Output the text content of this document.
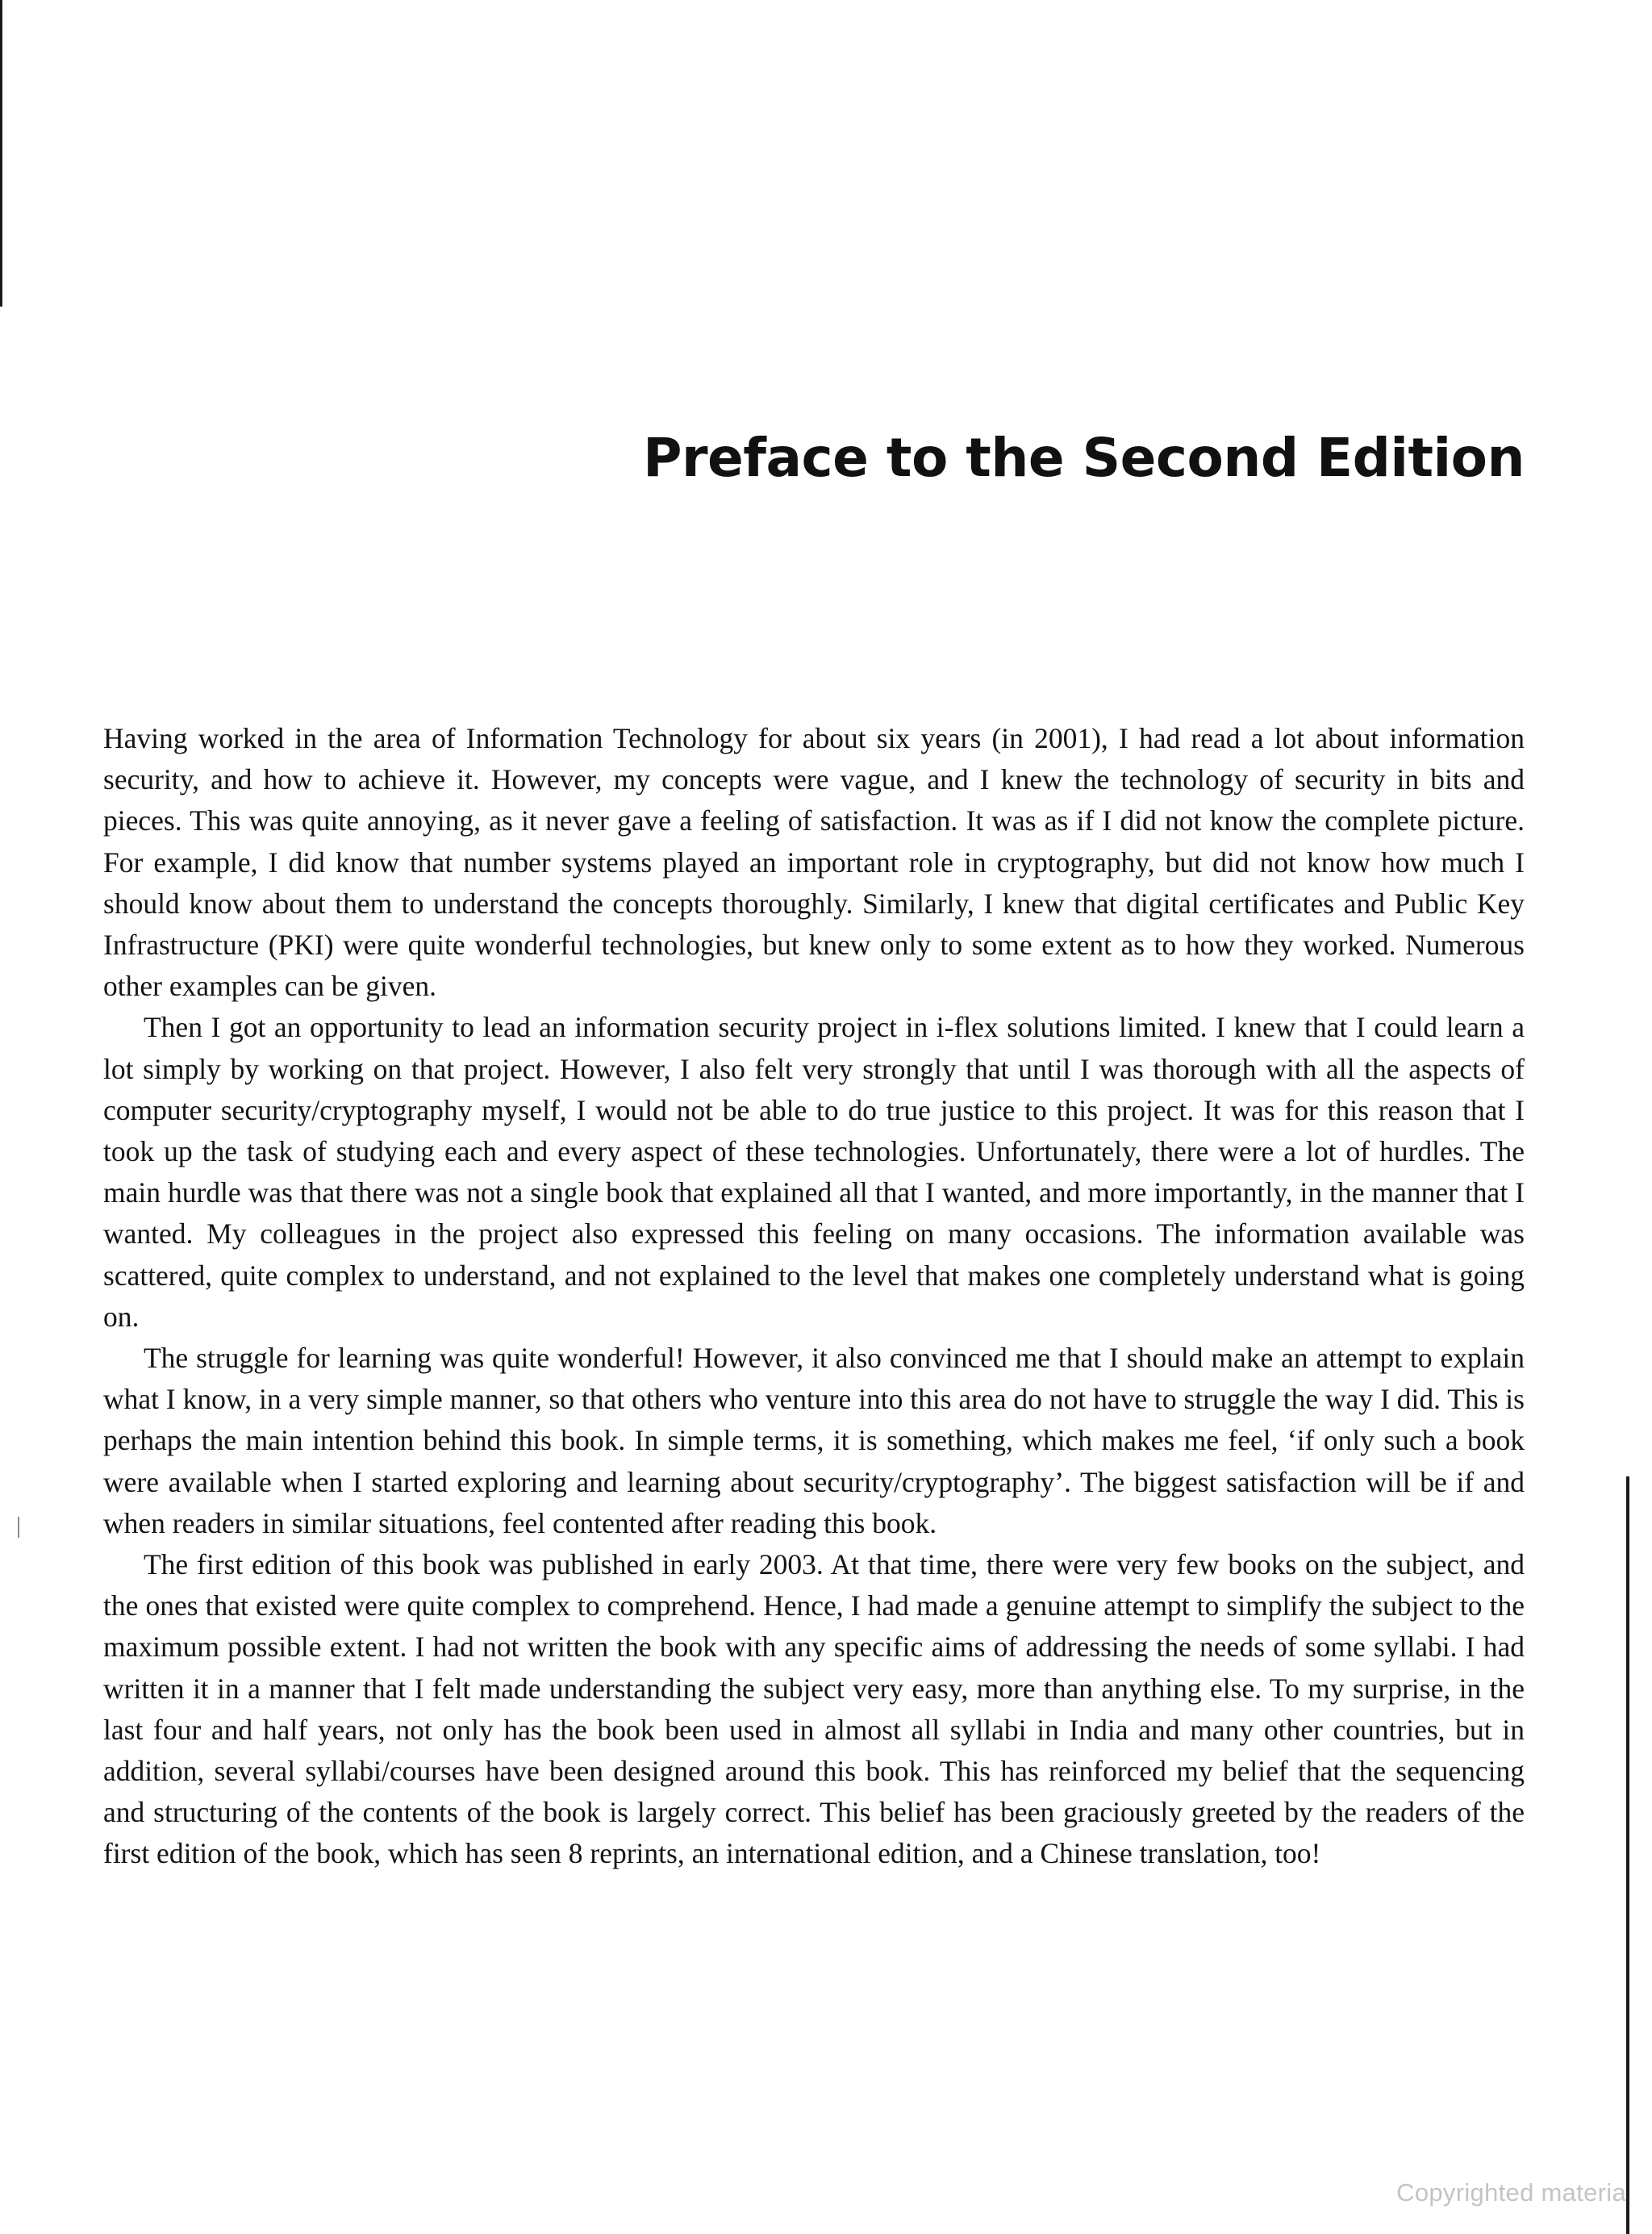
Preface to the Second Edition

Having worked in the area of Information Technology for about six years (in 2001), I had read a lot about information security, and how to achieve it. However, my concepts were vague, and I knew the technology of security in bits and pieces. This was quite annoying, as it never gave a feeling of satisfaction. It was as if I did not know the complete picture. For example, I did know that number systems played an important role in cryptography, but did not know how much I should know about them to understand the concepts thoroughly. Similarly, I knew that digital certificates and Public Key Infrastructure (PKI) were quite wonderful technologies, but knew only to some extent as to how they worked. Numerous other examples can be given.

Then I got an opportunity to lead an information security project in i-flex solutions limited. I knew that I could learn a lot simply by working on that project. However, I also felt very strongly that until I was thorough with all the aspects of computer security/cryptography myself, I would not be able to do true justice to this project. It was for this reason that I took up the task of studying each and every aspect of these technologies. Unfortunately, there were a lot of hurdles. The main hurdle was that there was not a single book that explained all that I wanted, and more importantly, in the manner that I wanted. My colleagues in the project also expressed this feeling on many occasions. The information available was scattered, quite complex to understand, and not explained to the level that makes one completely understand what is going on.

The struggle for learning was quite wonderful! However, it also convinced me that I should make an attempt to explain what I know, in a very simple manner, so that others who venture into this area do not have to struggle the way I did. This is perhaps the main intention behind this book. In simple terms, it is something, which makes me feel, ‘if only such a book were available when I started exploring and learning about security/cryptography’. The biggest satisfaction will be if and when readers in similar situations, feel contented after reading this book.

The first edition of this book was published in early 2003. At that time, there were very few books on the subject, and the ones that existed were quite complex to comprehend. Hence, I had made a genuine attempt to simplify the subject to the maximum possible extent. I had not written the book with any specific aims of addressing the needs of some syllabi. I had written it in a manner that I felt made understanding the subject very easy, more than anything else. To my surprise, in the last four and half years, not only has the book been used in almost all syllabi in India and many other countries, but in addition, several syllabi/courses have been designed around this book. This has reinforced my belief that the sequencing and structuring of the contents of the book is largely correct. This belief has been graciously greeted by the readers of the first edition of the book, which has seen 8 reprints, an international edition, and a Chinese translation, too!

Copyrighted materia
